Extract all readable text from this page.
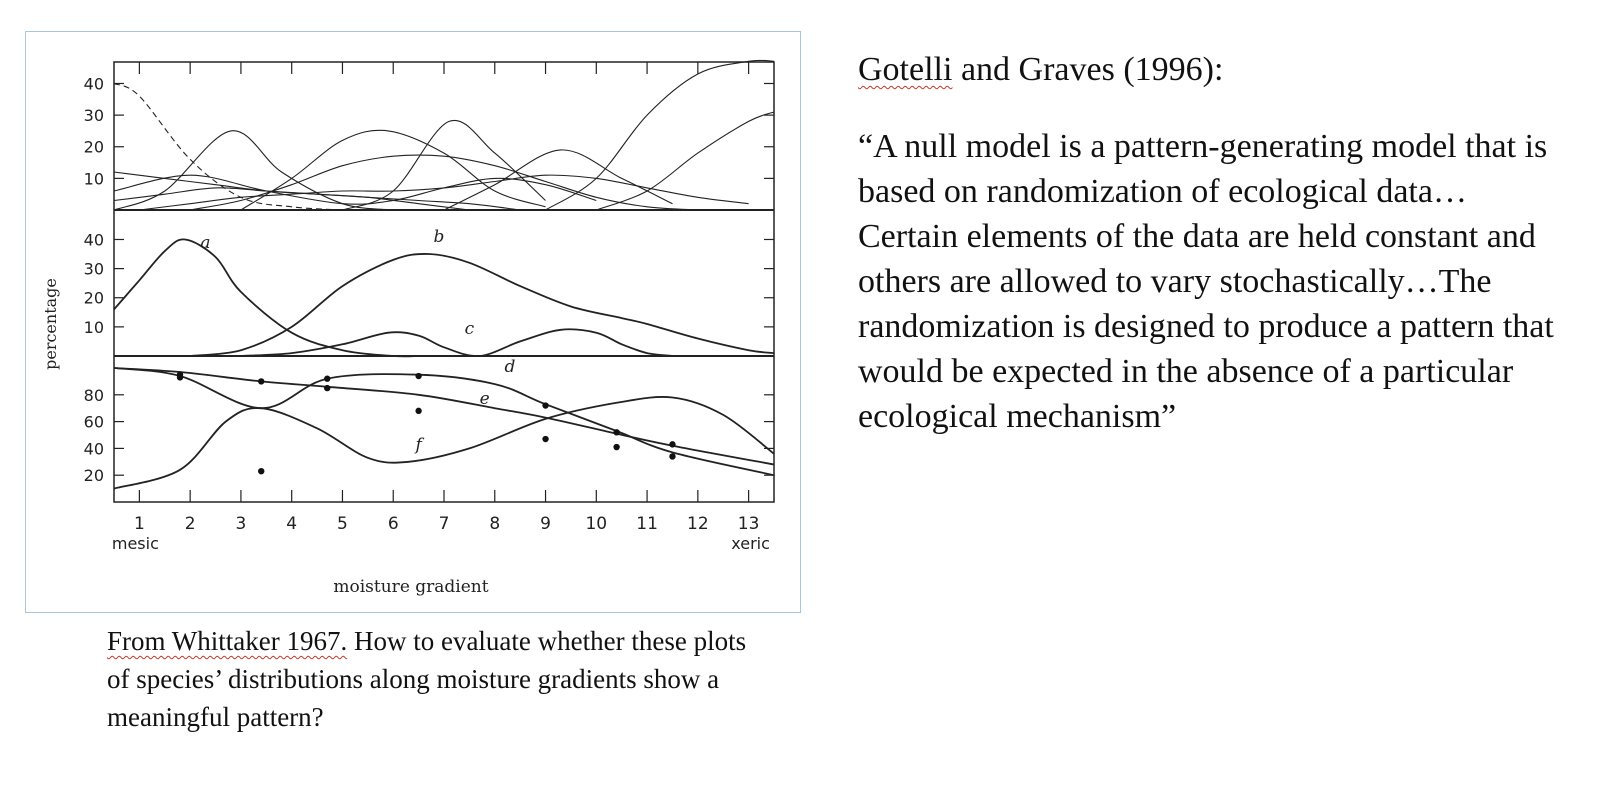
1 2 3 4 5 6 7 8 9 10 11 12 13
mesic	xeric
moisture gradient
percentage
10
20
30
40
10
20
30
40
20
40
60
80
a	b
c
d
e
f
From Whittaker 1967. How to evaluate whether these plots of species’ distributions along moisture gradients show a meaningful pattern?
Gotelli and Graves (1996):
“A null model is a pattern-generating model that is based on randomization of ecological data…Certain elements of the data are held constant and others are allowed to vary stochastically…The randomization is designed to produce a pattern that would be expected in the absence of a particular ecological mechanism”
